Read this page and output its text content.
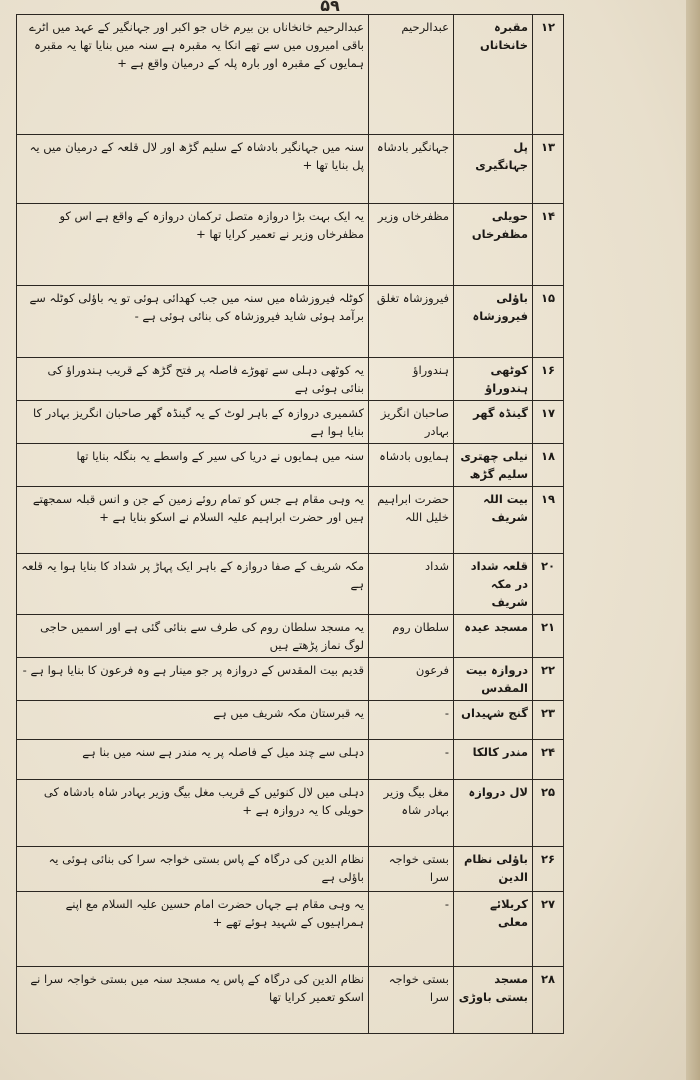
۵۹
۱۲	مقبرہ خانخاناں	عبدالرحیم	عبدالرحیم خانخاناں بن بیرم خاں جو اکبر اور جہانگیر کے عہد میں اٹرے باقی امیروں میں سے تھے انکا یہ مقبرہ ہے سنہ میں بنایا تھا یہ مقبرہ ہمایوں کے مقبرہ اور بارہ پلہ کے درمیان واقع ہے +
۱۳	پل جہانگیری	جہانگیر بادشاہ	سنہ میں جہانگیر بادشاہ کے سلیم گڑھ اور لال قلعہ کے درمیان میں یہ پل بنایا تھا +
۱۴	حویلی مظفرخاں	مظفرخاں وزیر	یہ ایک بہت بڑا دروازہ متصل ترکمان دروازہ کے واقع ہے اس کو مظفرخاں وزیر نے تعمیر کرایا تھا +
۱۵	باؤلی فیروزشاہ	فیروزشاہ تغلق	کوٹلہ فیروزشاہ میں سنہ میں جب کھدائی ہوئی تو یہ باؤلی کوٹلہ سے برآمد ہوئی شاید فیروزشاہ کی بنائی ہوئی ہے -
۱۶	کوٹھی ہندوراؤ	ہندوراؤ	یہ کوٹھی دہلی سے تھوڑے فاصلہ پر فتح گڑھ کے قریب ہندوراؤ کی بنائی ہوئی ہے
۱۷	گینڈہ گھر	صاحبان انگریز بہادر	کشمیری دروازہ کے باہر لوٹ کے یہ گینڈہ گھر صاحبان انگریز بہادر کا بنایا ہوا ہے
۱۸	نیلی چھتری سلیم گڑھ	ہمایوں بادشاہ	سنہ میں ہمایوں نے دریا کی سیر کے واسطے یہ بنگلہ بنایا تھا
۱۹	بیت اللہ شریف	حضرت ابراہیم خلیل اللہ	یہ وہی مقام ہے جس کو تمام روئے زمین کے جن و انس قبلہ سمجھتے ہیں اور حضرت ابراہیم علیہ السلام نے اسکو بنایا ہے +
۲۰	قلعہ شداد در مکہ شریف	شداد	مکہ شریف کے صفا دروازہ کے باہر ایک پہاڑ پر شداد کا بنایا ہوا یہ قلعہ ہے
۲۱	مسجد عیدہ	سلطان روم	یہ مسجد سلطان روم کی طرف سے بنائی گئی ہے اور اسمیں حاجی لوگ نماز پڑھتے ہیں
۲۲	دروازہ بیت المقدس	فرعون	قدیم بیت المقدس کے دروازہ پر جو مینار ہے وہ فرعون کا بنایا ہوا ہے -
۲۳	گنج شہیداں	-	یہ قبرستان مکہ شریف میں ہے
۲۴	مندر کالکا	-	دہلی سے چند میل کے فاصلہ پر یہ مندر ہے سنہ میں بنا ہے
۲۵	لال دروازہ	مغل بیگ وزیر بہادر شاہ	دہلی میں لال کنوئیں کے قریب مغل بیگ وزیر بہادر شاہ بادشاہ کی حویلی کا یہ دروازہ ہے +
۲۶	باؤلی نظام الدین	بستی خواجہ سرا	نظام الدین کی درگاہ کے پاس بستی خواجہ سرا کی بنائی ہوئی یہ باؤلی ہے
۲۷	کربلائے معلی	-	یہ وہی مقام ہے جہاں حضرت امام حسین علیہ السلام مع اپنے ہمراہیوں کے شہید ہوئے تھے +
۲۸	مسجد بستی باوڑی	بستی خواجہ سرا	نظام الدین کی درگاہ کے پاس یہ مسجد سنہ میں بستی خواجہ سرا نے اسکو تعمیر کرایا تھا
